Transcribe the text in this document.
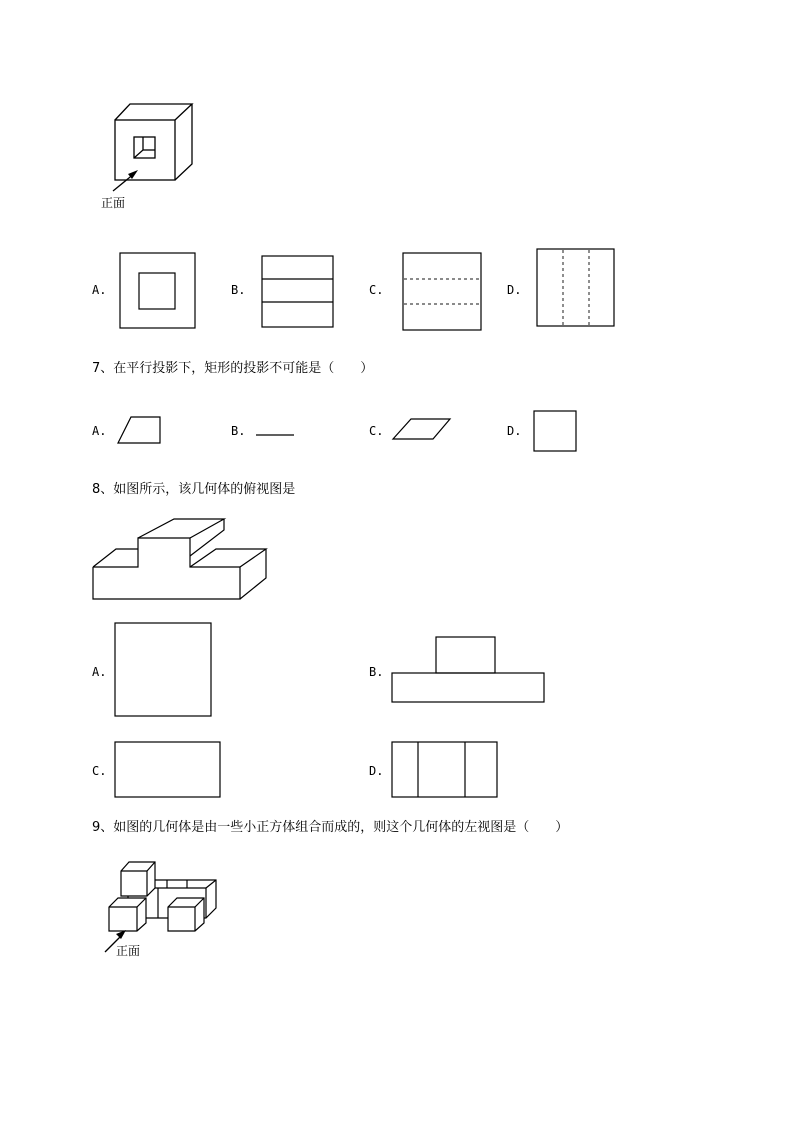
正面
A.	B.	C.	D.
7、在平行投影下，矩形的投影不可能是（　　）
A.	B.	C.	D.
8、如图所示，该几何体的俯视图是
A.	B.
C.	D.
9、如图的几何体是由一些小正方体组合而成的，则这个几何体的左视图是（　　）
正面
